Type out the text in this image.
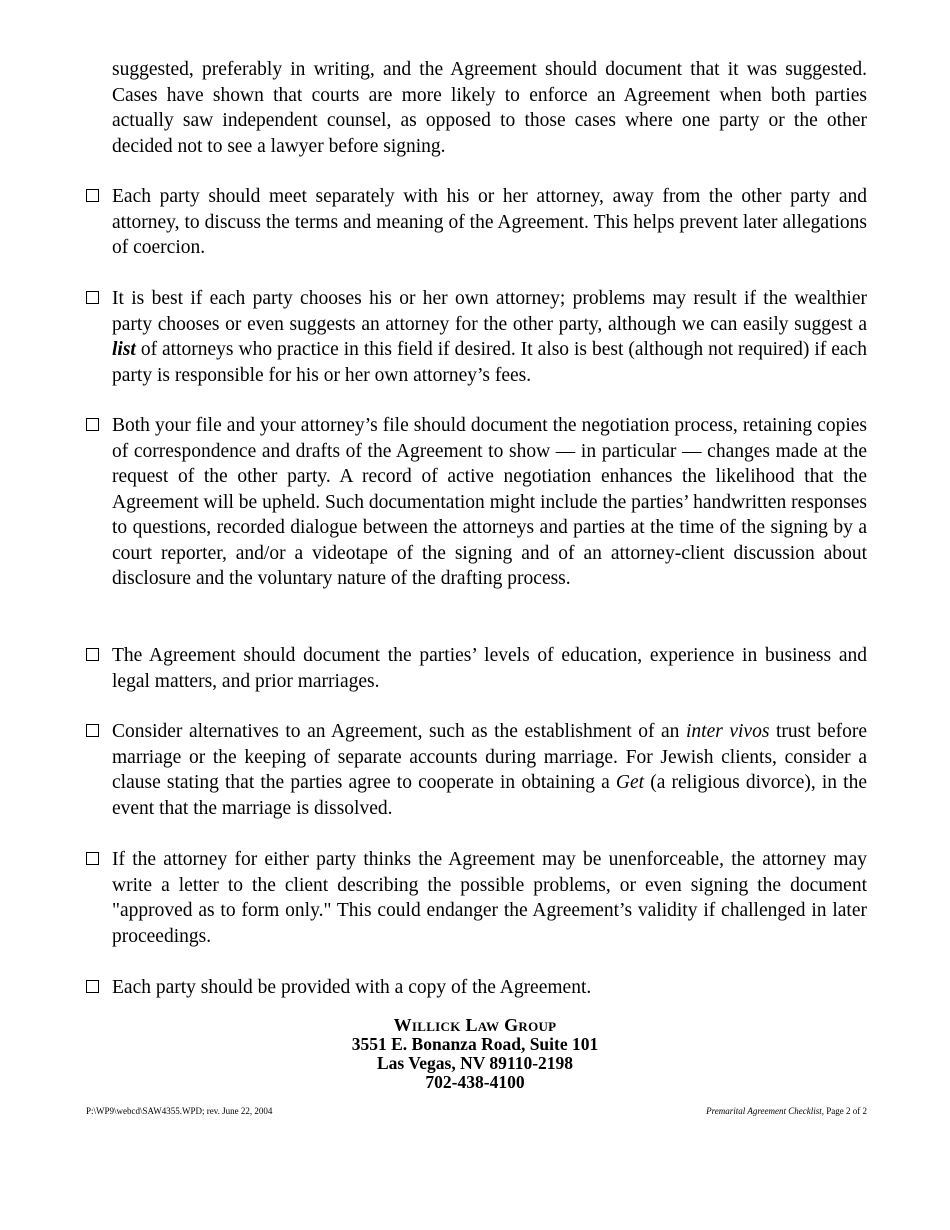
suggested, preferably in writing, and the Agreement should document that it was suggested. Cases have shown that courts are more likely to enforce an Agreement when both parties actually saw independent counsel, as opposed to those cases where one party or the other decided not to see a lawyer before signing.

Each party should meet separately with his or her attorney, away from the other party and attorney, to discuss the terms and meaning of the Agreement. This helps prevent later allegations of coercion.

It is best if each party chooses his or her own attorney; problems may result if the wealthier party chooses or even suggests an attorney for the other party, although we can easily suggest a list of attorneys who practice in this field if desired. It also is best (although not required) if each party is responsible for his or her own attorney’s fees.

Both your file and your attorney’s file should document the negotiation process, retaining copies of correspondence and drafts of the Agreement to show — in particular — changes made at the request of the other party. A record of active negotiation enhances the likelihood that the Agreement will be upheld. Such documentation might include the parties’ handwritten responses to questions, recorded dialogue between the attorneys and parties at the time of the signing by a court reporter, and/or a videotape of the signing and of an attorney-client discussion about disclosure and the voluntary nature of the drafting process.

The Agreement should document the parties’ levels of education, experience in business and legal matters, and prior marriages.

Consider alternatives to an Agreement, such as the establishment of an inter vivos trust before marriage or the keeping of separate accounts during marriage. For Jewish clients, consider a clause stating that the parties agree to cooperate in obtaining a Get (a religious divorce), in the event that the marriage is dissolved.

If the attorney for either party thinks the Agreement may be unenforceable, the attorney may write a letter to the client describing the possible problems, or even signing the document "approved as to form only." This could endanger the Agreement’s validity if challenged in later proceedings.

Each party should be provided with a copy of the Agreement.

Willick Law Group
3551 E. Bonanza Road, Suite 101
Las Vegas, NV 89110-2198
702-438-4100
P:\WP9\webcd\SAW4355.WPD; rev. June 22, 2004	Premarital Agreement Checklist, Page 2 of 2
